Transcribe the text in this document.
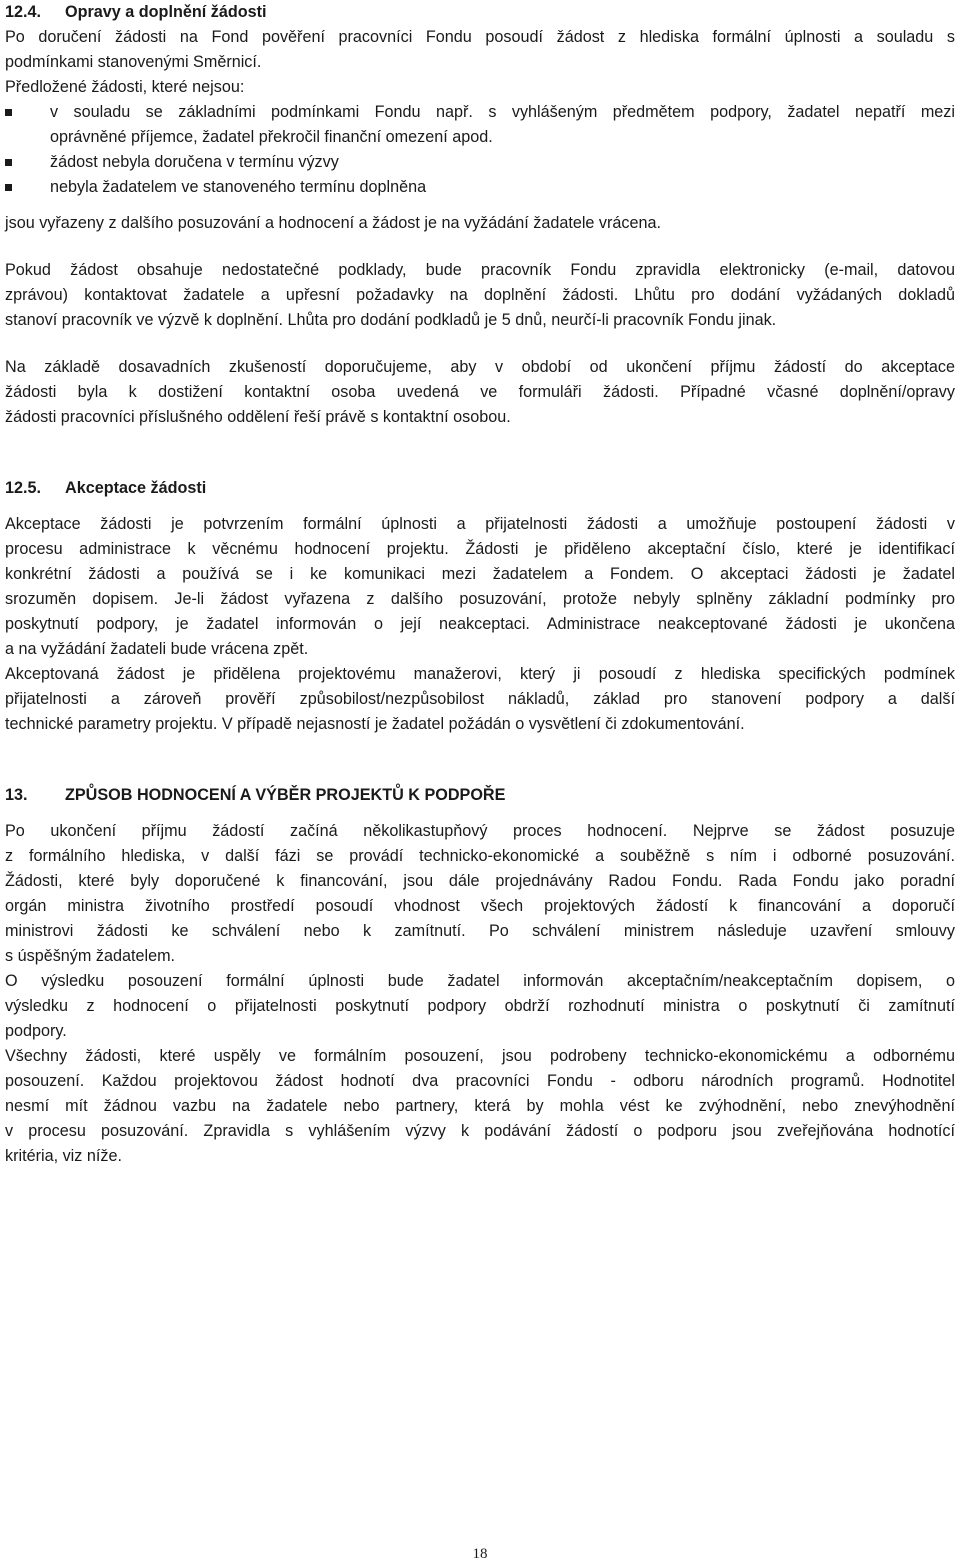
12.4. Opravy a doplnění žádosti
Po doručení žádosti na Fond pověření pracovníci Fondu posoudí žádost z hlediska formální úplnosti a souladu s
podmínkami stanovenými Směrnicí.
Předložené žádosti, které nejsou:
v souladu se základními podmínkami Fondu např. s vyhlášeným předmětem podpory, žadatel nepatří mezi
oprávněné příjemce, žadatel překročil finanční omezení apod.
žádost nebyla doručena v termínu výzvy
nebyla žadatelem ve stanoveného termínu doplněna
jsou vyřazeny z dalšího posuzování a hodnocení a žádost je na vyžádání žadatele vrácena.
Pokud žádost obsahuje nedostatečné podklady, bude pracovník Fondu zpravidla elektronicky (e-mail, datovou
zprávou) kontaktovat žadatele a upřesní požadavky na doplnění žádosti. Lhůtu pro dodání vyžádaných dokladů
stanoví pracovník ve výzvě k doplnění. Lhůta pro dodání podkladů je 5 dnů, neurčí-li pracovník Fondu jinak.
Na základě dosavadních zkušeností doporučujeme, aby v období od ukončení příjmu žádostí do akceptace
žádosti byla k dostižení kontaktní osoba uvedená ve formuláři žádosti. Případné včasné doplnění/opravy
žádosti pracovníci příslušného oddělení řeší právě s kontaktní osobou.
12.5. Akceptace žádosti
Akceptace žádosti je potvrzením formální úplnosti a přijatelnosti žádosti a umožňuje postoupení žádosti v
procesu administrace k věcnému hodnocení projektu. Žádosti je přiděleno akceptační číslo, které je identifikací
konkrétní žádosti a používá se i ke komunikaci mezi žadatelem a Fondem. O akceptaci žádosti je žadatel
srozuměn dopisem. Je-li žádost vyřazena z dalšího posuzování, protože nebyly splněny základní podmínky pro
poskytnutí podpory, je žadatel informován o její neakceptaci. Administrace neakceptované žádosti je ukončena
a na vyžádání žadateli bude vrácena zpět.
Akceptovaná žádost je přidělena projektovému manažerovi, který ji posoudí z hlediska specifických podmínek
přijatelnosti a zároveň prověří způsobilost/nezpůsobilost nákladů, základ pro stanovení podpory a další
technické parametry projektu. V případě nejasností je žadatel požádán o vysvětlení či zdokumentování.
13. ZPŮSOB HODNOCENÍ A VÝBĚR PROJEKTŮ K PODPOŘE
Po ukončení příjmu žádostí začíná několikastupňový proces hodnocení. Nejprve se žádost posuzuje
z formálního hlediska, v další fázi se provádí technicko-ekonomické a souběžně s ním i odborné posuzování.
Žádosti, které byly doporučené k financování, jsou dále projednávány Radou Fondu. Rada Fondu jako poradní
orgán ministra životního prostředí posoudí vhodnost všech projektových žádostí k financování a doporučí
ministrovi žádosti ke schválení nebo k zamítnutí. Po schválení ministrem následuje uzavření smlouvy
s úspěšným žadatelem.
O výsledku posouzení formální úplnosti bude žadatel informován akceptačním/neakceptačním dopisem, o
výsledku z hodnocení o přijatelnosti poskytnutí podpory obdrží rozhodnutí ministra o poskytnutí či zamítnutí
podpory.
Všechny žádosti, které uspěly ve formálním posouzení, jsou podrobeny technicko-ekonomickému a odbornému
posouzení. Každou projektovou žádost hodnotí dva pracovníci Fondu - odboru národních programů. Hodnotitel
nesmí mít žádnou vazbu na žadatele nebo partnery, která by mohla vést ke zvýhodnění, nebo znevýhodnění
v procesu posuzování. Zpravidla s vyhlášením výzvy k podávání žádostí o podporu jsou zveřejňována hodnotící
kritéria, viz níže.
18
